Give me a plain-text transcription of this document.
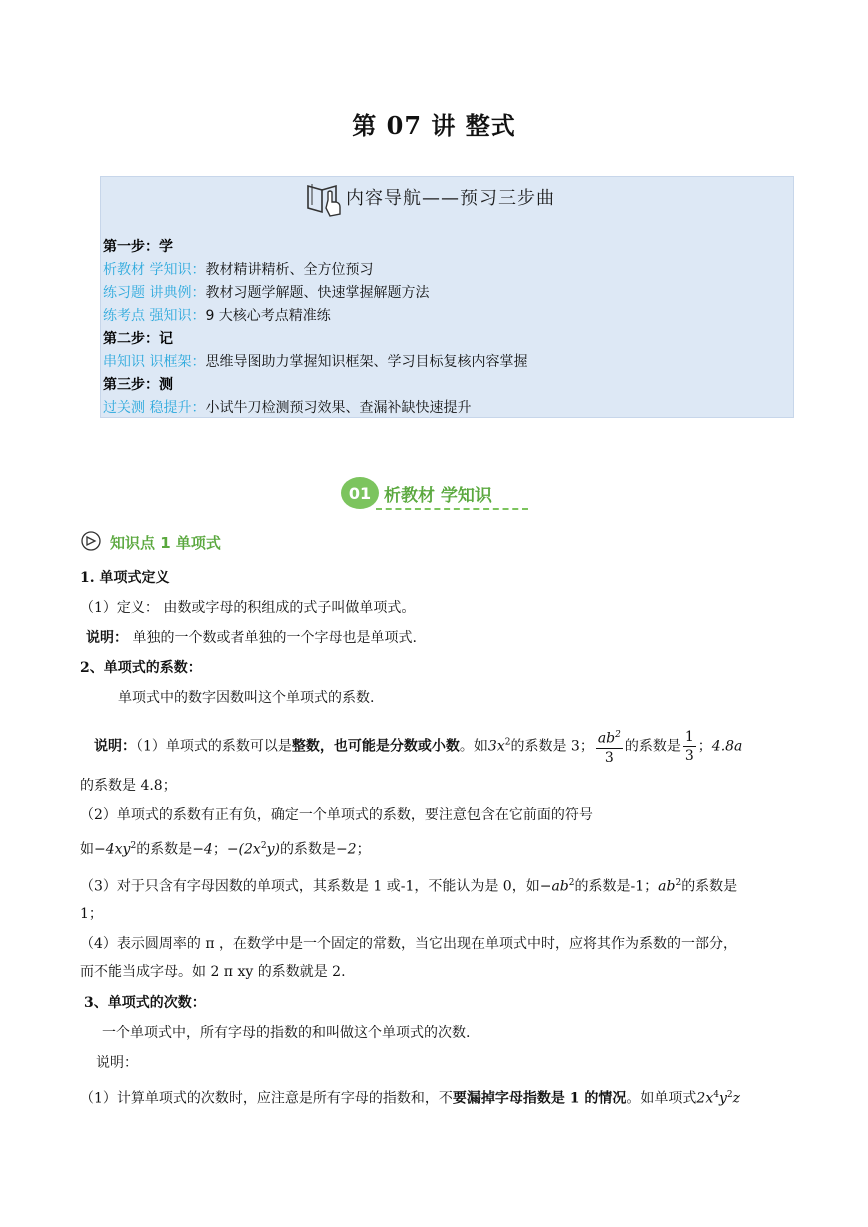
第 07 讲 整式
内容导航——预习三步曲
第一步：学
析教材 学知识：教材精讲精析、全方位预习
练习题 讲典例：教材习题学解题、快速掌握解题方法
练考点 强知识：9 大核心考点精准练
第二步：记
串知识 识框架：思维导图助力掌握知识框架、学习目标复核内容掌握
第三步：测
过关测 稳提升：小试牛刀检测预习效果、查漏补缺快速提升
01 析教材 学知识
知识点 1 单项式
1. 单项式定义
（1）定义： 由数或字母的积组成的式子叫做单项式。
说明： 单独的一个数或者单独的一个字母也是单项式.
2、单项式的系数：
单项式中的数字因数叫这个单项式的系数.
说明：（1）单项式的系数可以是整数，也可能是分数或小数。如$3x^2$的系数是 3； $\frac{ab^2}{3}$ 的系数是 $\frac{1}{3}$ ；4.8a
的系数是 4.8；
（2）单项式的系数有正有负，确定一个单项式的系数，要注意包含在它前面的符号
如$-4xy^2$的系数是−4；$-(2x^2y)$的系数是−2；
（3）对于只含有字母因数的单项式，其系数是 1 或-1，不能认为是 0，如$-ab^2$的系数是-1；$ab^2$的系数是
1；
（4）表示圆周率的 π ，在数学中是一个固定的常数，当它出现在单项式中时，应将其作为系数的一部分，
而不能当成字母。如 2 π xy 的系数就是 2.
3、单项式的次数：
一个单项式中，所有字母的指数的和叫做这个单项式的次数.
说明：
（1）计算单项式的次数时，应注意是所有字母的指数和，不要漏掉字母指数是 1 的情况。如单项式$2x^4y^2z$
